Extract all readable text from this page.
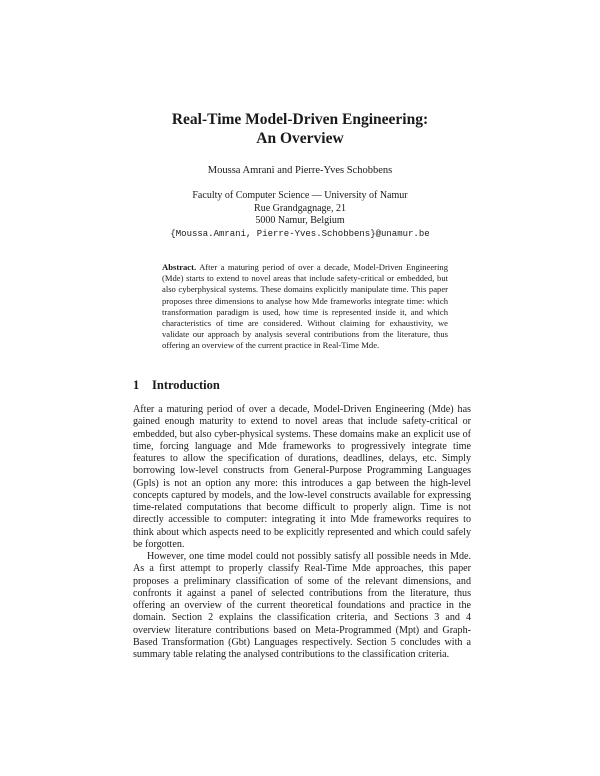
Real-Time Model-Driven Engineering:
An Overview
Moussa Amrani and Pierre-Yves Schobbens
Faculty of Computer Science — University of Namur
Rue Grandgagnage, 21
5000 Namur, Belgium
{Moussa.Amrani, Pierre-Yves.Schobbens}@unamur.be
Abstract. After a maturing period of over a decade, Model-Driven Engineering (Mde) starts to extend to novel areas that include safety-critical or embedded, but also cyberphysical systems. These domains explicitly manipulate time. This paper proposes three dimensions to analyse how Mde frameworks integrate time: which transformation paradigm is used, how time is represented inside it, and which characteristics of time are considered. Without claiming for exhaustivity, we validate our approach by analysis several contributions from the literature, thus offering an overview of the current practice in Real-Time Mde.
1 Introduction

After a maturing period of over a decade, Model-Driven Engineering (Mde) has gained enough maturity to extend to novel areas that include safety-critical or embedded, but also cyber-physical systems. These domains make an explicit use of time, forcing language and Mde frameworks to progressively integrate time features to allow the specification of durations, deadlines, delays, etc. Simply borrowing low-level constructs from General-Purpose Programming Languages (Gpls) is not an option any more: this introduces a gap between the high-level concepts captured by models, and the low-level constructs available for expressing time-related computations that become difficult to properly align. Time is not directly accessible to computer: integrating it into Mde frameworks requires to think about which aspects need to be explicitly represented and which could safely be forgotten.

However, one time model could not possibly satisfy all possible needs in Mde. As a first attempt to properly classify Real-Time Mde approaches, this paper proposes a preliminary classification of some of the relevant dimensions, and confronts it against a panel of selected contributions from the literature, thus offering an overview of the current theoretical foundations and practice in the domain. Section 2 explains the classification criteria, and Sections 3 and 4 overview literature contributions based on Meta-Programmed (Mpt) and Graph-Based Transformation (Gbt) Languages respectively. Section 5 concludes with a summary table relating the analysed contributions to the classification criteria.
